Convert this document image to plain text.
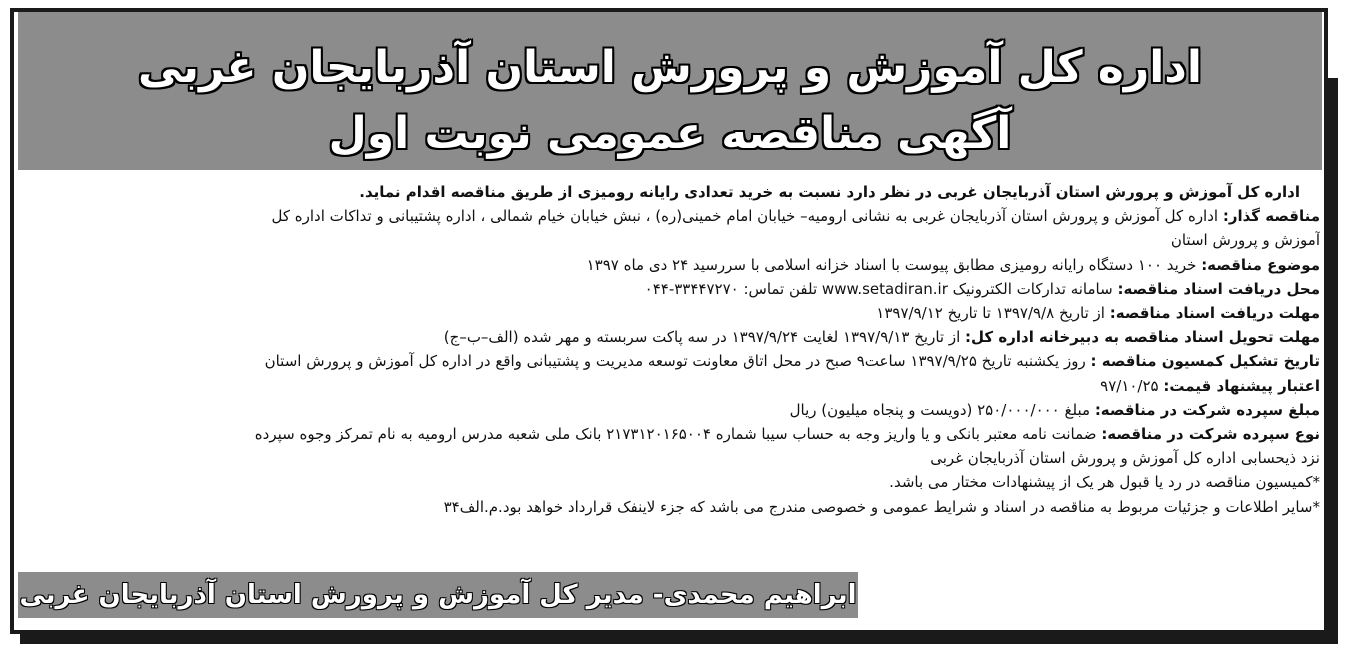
اداره کل آموزش و پرورش استان آذربایجان غربی
آگهی مناقصه عمومی نوبت اول
اداره کل آموزش و پرورش استان آذربایجان غربی در نظر دارد نسبت به خرید تعدادی رایانه رومیزی از طریق مناقصه اقدام نماید.
مناقصه گذار: اداره کل آموزش و پرورش استان آذربایجان غربی به نشانی ارومیه– خیابان امام خمینی(ره) ، نبش خیابان خیام شمالی ، اداره پشتیبانی و تداکات اداره کل
آموزش و پرورش استان
موضوع مناقصه: خرید ۱۰۰ دستگاه رایانه رومیزی مطابق پیوست با اسناد خزانه اسلامی با سررسید ۲۴ دی ماه ۱۳۹۷
محل دریافت اسناد مناقصه: سامانه تدارکات الکترونیک www.setadiran.ir تلفن تماس: ۳۳۴۴۷۲۷۰-۰۴۴
مهلت دریافت اسناد مناقصه: از تاریخ ۱۳۹۷/۹/۸ تا تاریخ ۱۳۹۷/۹/۱۲
مهلت تحویل اسناد مناقصه به دبیرخانه اداره کل: از تاریخ ۱۳۹۷/۹/۱۳ لغایت ۱۳۹۷/۹/۲۴ در سه پاکت سربسته و مهر شده (الف–ب–ج)
تاریخ تشکیل کمسیون مناقصه : روز یکشنبه تاریخ ۱۳۹۷/۹/۲۵ ساعت۹ صبح در محل اتاق معاونت توسعه مدیریت و پشتیبانی واقع در اداره کل آموزش و پرورش استان
اعتبار پیشنهاد قیمت: ۹۷/۱۰/۲۵
مبلغ سپرده شرکت در مناقصه: مبلغ ۲۵۰/۰۰۰/۰۰۰ (دویست و پنجاه میلیون) ریال
نوع سپرده شرکت در مناقصه: ضمانت نامه معتبر بانکی و یا واریز وجه به حساب سیبا شماره ۲۱۷۳۱۲۰۱۶۵۰۰۴ بانک ملی شعبه مدرس ارومیه به نام تمرکز وجوه سپرده
نزد ذیحسابی اداره کل آموزش و پرورش استان آذربایجان غربی
*کمیسیون مناقصه در رد یا قبول هر یک از پیشنهادات مختار می باشد.
*سایر اطلاعات و جزئیات مربوط به مناقصه در اسناد و شرایط عمومی و خصوصی مندرج می باشد که جزء لاینفک قرارداد خواهد بود.م.الف۳۴
ابراهیم محمدی- مدیر کل آموزش و پرورش استان آذربایجان غربی
